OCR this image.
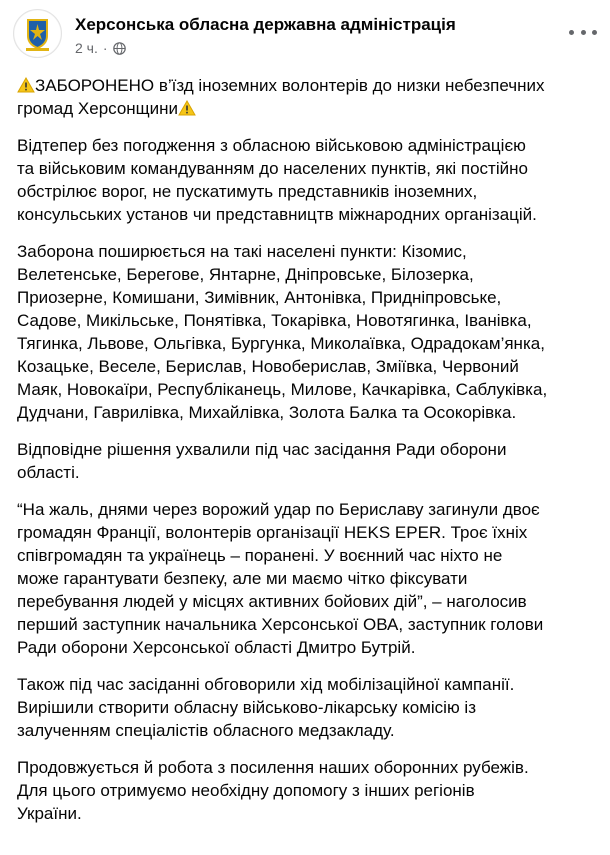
Херсонська обласна державна адміністрація
2 ч. ·

ЗАБОРОНЕНО в’їзд іноземних волонтерів до низки небезпечних
громад Херсонщини

Відтепер без погодження з обласною військовою адміністрацією
та військовим командуванням до населених пунктів, які постійно
обстрілює ворог, не пускатимуть представників іноземних,
консульських установ чи представництв міжнародних організацій.

Заборона поширюється на такі населені пункти: Кізомис,
Велетенське, Берегове, Янтарне, Дніпровське, Білозерка,
Приозерне, Комишани, Зимівник, Антонівка, Придніпровське,
Садове, Микільське, Понятівка, Токарівка, Новотягинка, Іванівка,
Тягинка, Львове, Ольгівка, Бургунка, Миколаївка, Одрадокам’янка,
Козацьке, Веселе, Берислав, Новоберислав, Зміївка, Червоний
Маяк, Новокаїри, Республіканець, Милове, Качкарівка, Саблуківка,
Дудчани, Гаврилівка, Михайлівка, Золота Балка та Осокорівка.

Відповідне рішення ухвалили під час засідання Ради оборони
області.

“На жаль, днями через ворожий удар по Бериславу загинули двоє
громадян Франції, волонтерів організації HEKS EPER. Троє їхніх
співгромадян та українець – поранені. У воєнний час ніхто не
може гарантувати безпеку, але ми маємо чітко фіксувати
перебування людей у місцях активних бойових дій”, – наголосив
перший заступник начальника Херсонської ОВА, заступник голови
Ради оборони Херсонської області Дмитро Бутрій.

Також під час засіданні обговорили хід мобілізаційної кампанії.
Вирішили створити обласну військово-лікарську комісію із
залученням спеціалістів обласного медзакладу.

Продовжується й робота з посилення наших оборонних рубежів.
Для цього отримуємо необхідну допомогу з інших регіонів
України.
